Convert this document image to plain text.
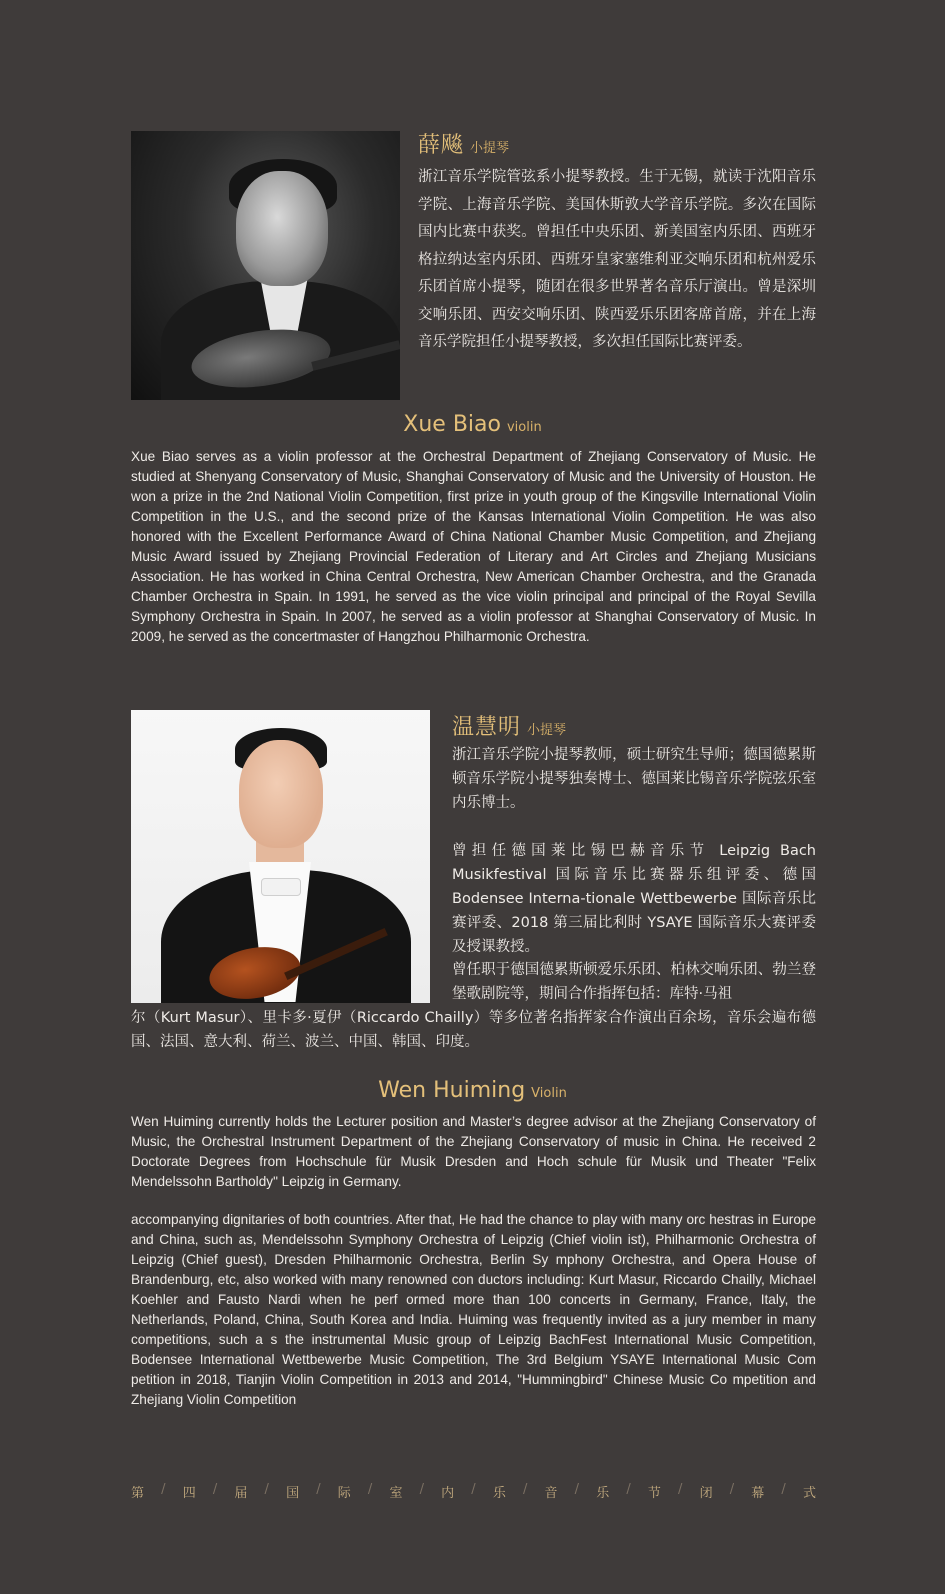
薛飚 小提琴
浙江音乐学院管弦系小提琴教授。生于无锡，就读于沈阳音乐学院、上海音乐学院、美国休斯敦大学音乐学院。多次在国际国内比赛中获奖。曾担任中央乐团、新美国室内乐团、西班牙格拉纳达室内乐团、西班牙皇家塞维利亚交响乐团和杭州爱乐乐团首席小提琴，随团在很多世界著名音乐厅演出。曾是深圳交响乐团、西安交响乐团、陕西爱乐乐团客席首席，并在上海音乐学院担任小提琴教授，多次担任国际比赛评委。
Xue Biao violin
Xue Biao serves as a violin professor at the Orchestral Department of Zhejiang Conservatory of Music. He studied at Shenyang Conservatory of Music, Shanghai Conservatory of Music and the University of Houston. He won a prize in the 2nd National Violin Competition, first prize in youth group of the Kingsville International Violin Competition in the U.S., and the second prize of the Kansas International Violin Competition. He was also honored with the Excellent Performance Award of China National Chamber Music Competition, and Zhejiang Music Award issued by Zhejiang Provincial Federation of Literary and Art Circles and Zhejiang Musicians Association. He has worked in China Central Orchestra, New American Chamber Orchestra, and the Granada Chamber Orchestra in Spain. In 1991, he served as the vice violin principal and principal of the Royal Sevilla Symphony Orchestra in Spain. In 2007, he served as a violin professor at Shanghai Conservatory of Music. In 2009, he served as the concertmaster of Hangzhou Philharmonic Orchestra.
温慧明 小提琴
浙江音乐学院小提琴教师，硕士研究生导师；德国德累斯顿音乐学院小提琴独奏博士、德国莱比锡音乐学院弦乐室内乐博士。
曾担任德国莱比锡巴赫音乐节 Leipzig Bach Musikfestival 国际音乐比赛器乐组评委、德国 Bodensee Interna-tionale Wettbewerbe 国际音乐比赛评委、2018 第三届比利时 YSAYE 国际音乐大赛评委及授课教授。
曾任职于德国德累斯顿爱乐乐团、柏林交响乐团、勃兰登堡歌剧院等，期间合作指挥包括：库特·马祖
尔（Kurt Masur）、里卡多·夏伊（Riccardo Chailly）等多位著名指挥家合作演出百余场，音乐会遍布德国、法国、意大利、荷兰、波兰、中国、韩国、印度。
Wen Huiming Violin
Wen Huiming currently holds the Lecturer position and Master’s degree advisor at the Zhejiang Conservatory of Music, the Orchestral Instrument Department of the Zhejiang Conservatory of music in China. He received 2 Doctorate Degrees from Hochschule für Musik Dresden and Hoch schule für Musik und Theater "Felix Mendelssohn Bartholdy" Leipzig in Germany.
accompanying dignitaries of both countries. After that, He had the chance to play with many orc hestras in Europe and China, such as, Mendelssohn Symphony Orchestra of Leipzig (Chief violin ist), Philharmonic Orchestra of Leipzig (Chief guest), Dresden Philharmonic Orchestra, Berlin Sy mphony Orchestra, and Opera House of Brandenburg, etc, also worked with many renowned con ductors including: Kurt Masur, Riccardo Chailly, Michael Koehler and Fausto Nardi when he perf ormed more than 100 concerts in Germany, France, Italy, the Netherlands, Poland, China, South Korea and India. Huiming was frequently invited as a jury member in many competitions, such a s the instrumental Music group of Leipzig BachFest International Music Competition, Bodensee International Wettbewerbe Music Competition, The 3rd Belgium YSAYE International Music Com petition in 2018, Tianjin Violin Competition in 2013 and 2014, "Hummingbird" Chinese Music Co mpetition and Zhejiang Violin Competition
第 / 四 / 届 / 国 / 际 / 室 / 内 / 乐 / 音 / 乐 / 节 / 闭 / 幕 / 式
